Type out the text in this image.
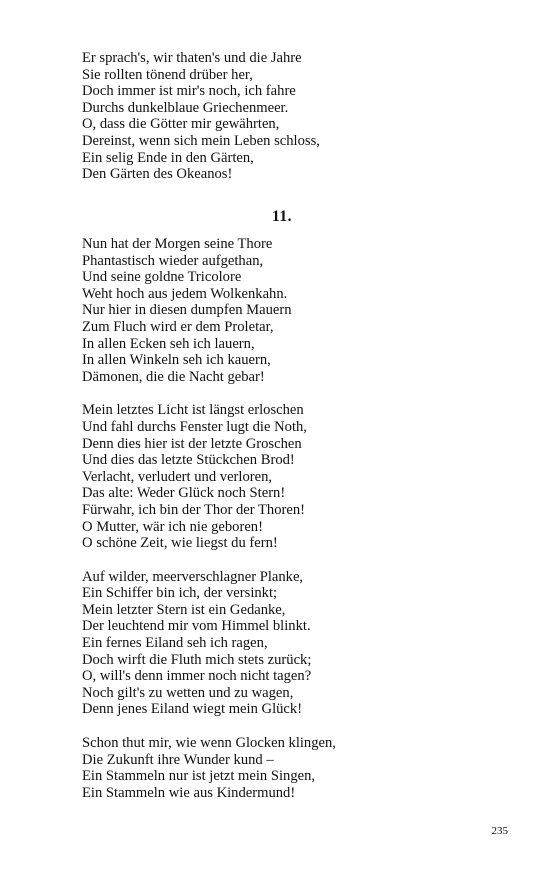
Er sprach's, wir thaten's und die Jahre
Sie rollten tönend drüber her,
Doch immer ist mir's noch, ich fahre
Durchs dunkelblaue Griechenmeer.
O, dass die Götter mir gewährten,
Dereinst, wenn sich mein Leben schloss,
Ein selig Ende in den Gärten,
Den Gärten des Okeanos!
11.
Nun hat der Morgen seine Thore
Phantastisch wieder aufgethan,
Und seine goldne Tricolore
Weht hoch aus jedem Wolkenkahn.
Nur hier in diesen dumpfen Mauern
Zum Fluch wird er dem Proletar,
In allen Ecken seh ich lauern,
In allen Winkeln seh ich kauern,
Dämonen, die die Nacht gebar!
Mein letztes Licht ist längst erloschen
Und fahl durchs Fenster lugt die Noth,
Denn dies hier ist der letzte Groschen
Und dies das letzte Stückchen Brod!
Verlacht, verludert und verloren,
Das alte: Weder Glück noch Stern!
Fürwahr, ich bin der Thor der Thoren!
O Mutter, wär ich nie geboren!
O schöne Zeit, wie liegst du fern!
Auf wilder, meerverschlagner Planke,
Ein Schiffer bin ich, der versinkt;
Mein letzter Stern ist ein Gedanke,
Der leuchtend mir vom Himmel blinkt.
Ein fernes Eiland seh ich ragen,
Doch wirft die Fluth mich stets zurück;
O, will's denn immer noch nicht tagen?
Noch gilt's zu wetten und zu wagen,
Denn jenes Eiland wiegt mein Glück!
Schon thut mir, wie wenn Glocken klingen,
Die Zukunft ihre Wunder kund –
Ein Stammeln nur ist jetzt mein Singen,
Ein Stammeln wie aus Kindermund!
235
